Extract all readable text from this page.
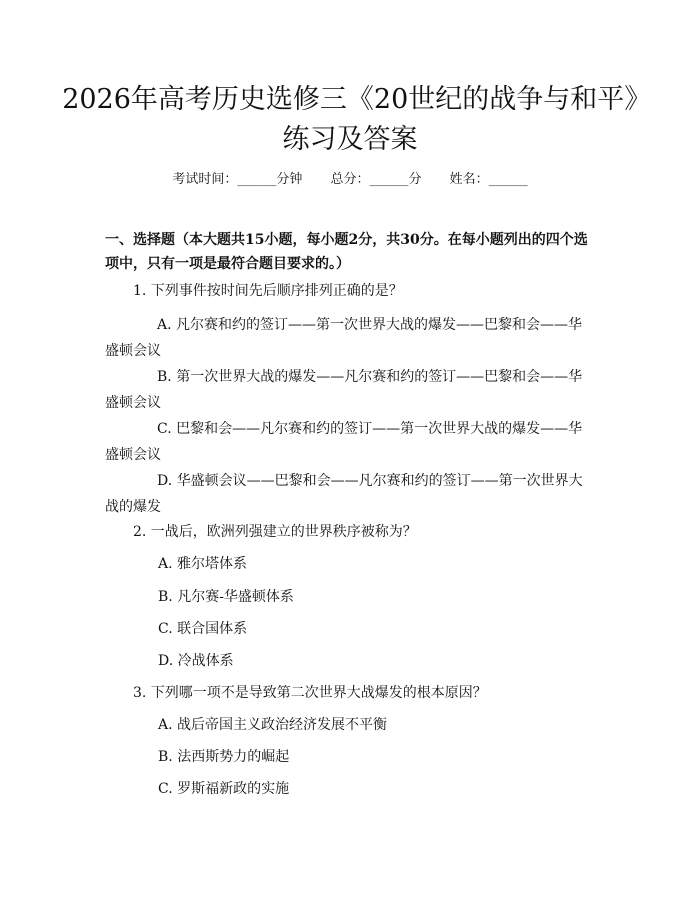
2026年高考历史选修三《20世纪的战争与和平》练习及答案
考试时间：______分钟 总分：______分 姓名：______
一、选择题（本大题共15小题，每小题2分，共30分。在每小题列出的四个选项中，只有一项是最符合题目要求的。）
1. 下列事件按时间先后顺序排列正确的是？
A. 凡尔赛和约的签订——第一次世界大战的爆发——巴黎和会——华盛顿会议
B. 第一次世界大战的爆发——凡尔赛和约的签订——巴黎和会——华盛顿会议
C. 巴黎和会——凡尔赛和约的签订——第一次世界大战的爆发——华盛顿会议
D. 华盛顿会议——巴黎和会——凡尔赛和约的签订——第一次世界大战的爆发
2. 一战后，欧洲列强建立的世界秩序被称为？
A. 雅尔塔体系
B. 凡尔赛-华盛顿体系
C. 联合国体系
D. 冷战体系
3. 下列哪一项不是导致第二次世界大战爆发的根本原因？
A. 战后帝国主义政治经济发展不平衡
B. 法西斯势力的崛起
C. 罗斯福新政的实施
